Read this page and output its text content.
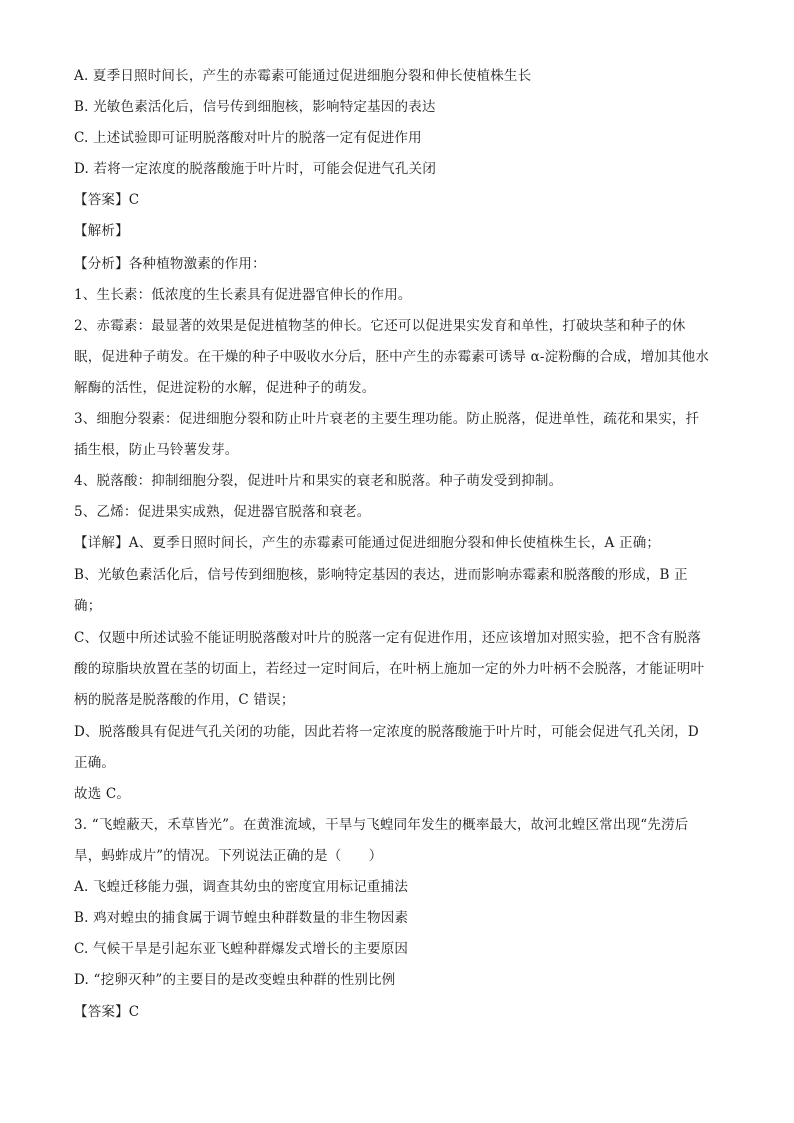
A. 夏季日照时间长，产生的赤霉素可能通过促进细胞分裂和伸长使植株生长
B. 光敏色素活化后，信号传到细胞核，影响特定基因的表达
C. 上述试验即可证明脱落酸对叶片的脱落一定有促进作用
D. 若将一定浓度的脱落酸施于叶片时，可能会促进气孔关闭
【答案】C
【解析】
【分析】各种植物激素的作用：
1、生长素：低浓度的生长素具有促进器官伸长的作用。
2、赤霉素：最显著的效果是促进植物茎的伸长。它还可以促进果实发育和单性，打破块茎和种子的休
眠，促进种子萌发。在干燥的种子中吸收水分后，胚中产生的赤霉素可诱导 α-淀粉酶的合成，增加其他水
解酶的活性，促进淀粉的水解，促进种子的萌发。
3、细胞分裂素：促进细胞分裂和防止叶片衰老的主要生理功能。防止脱落，促进单性，疏花和果实，扦
插生根，防止马铃薯发芽。
4、脱落酸：抑制细胞分裂，促进叶片和果实的衰老和脱落。种子萌发受到抑制。
5、乙烯：促进果实成熟，促进器官脱落和衰老。
【详解】A、夏季日照时间长，产生的赤霉素可能通过促进细胞分裂和伸长使植株生长，A 正确；
B、光敏色素活化后，信号传到细胞核，影响特定基因的表达，进而影响赤霉素和脱落酸的形成，B 正
确；
C、仅题中所述试验不能证明脱落酸对叶片的脱落一定有促进作用，还应该增加对照实验，把不含有脱落
酸的琼脂块放置在茎的切面上，若经过一定时间后，在叶柄上施加一定的外力叶柄不会脱落，才能证明叶
柄的脱落是脱落酸的作用，C 错误；
D、脱落酸具有促进气孔关闭的功能，因此若将一定浓度的脱落酸施于叶片时，可能会促进气孔关闭，D
正确。
故选 C。
3. “飞蝗蔽天，禾草皆光”。在黄淮流域，干旱与飞蝗同年发生的概率最大，故河北蝗区常出现“先涝后
旱，蚂蚱成片”的情况。下列说法正确的是（　　）
A. 飞蝗迁移能力强，调查其幼虫的密度宜用标记重捕法
B. 鸡对蝗虫的捕食属于调节蝗虫种群数量的非生物因素
C. 气候干旱是引起东亚飞蝗种群爆发式增长的主要原因
D. “挖卵灭种”的主要目的是改变蝗虫种群的性别比例
【答案】C
